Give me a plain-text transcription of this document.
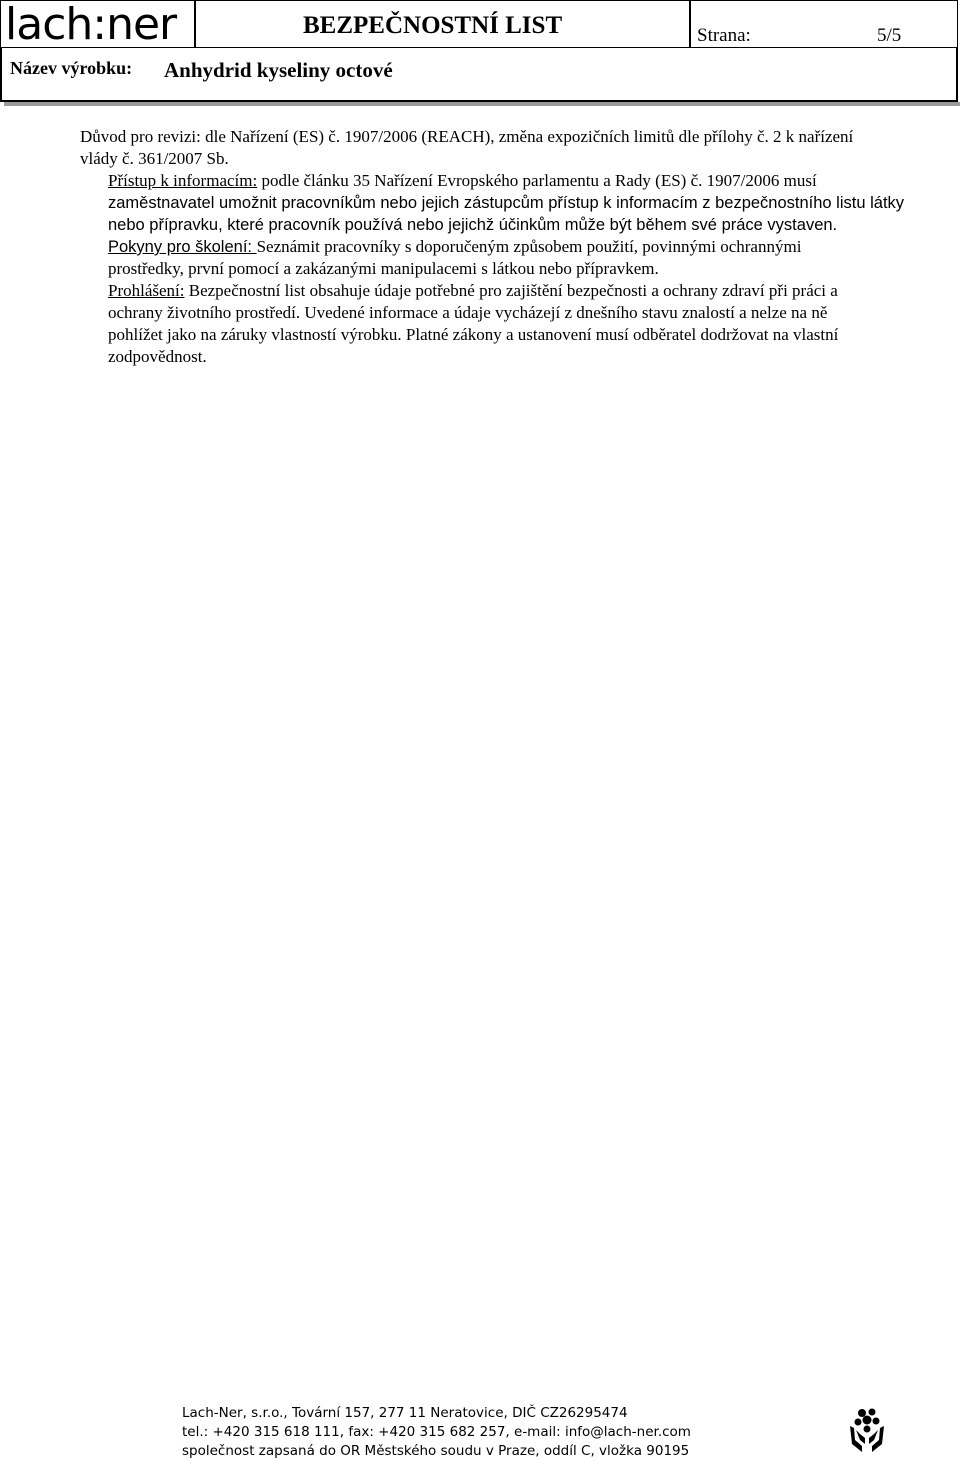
lach:ner	BEZPEČNOSTNÍ LIST	Strana:	5/5
Název výrobku: Anhydrid kyseliny octové

Důvod pro revizi: dle Nařízení (ES) č. 1907/2006 (REACH), změna expozičních limitů dle přílohy č. 2 k nařízení

vlády č. 361/2007 Sb.

Přístup k informacím: podle článku 35 Nařízení Evropského parlamentu a Rady (ES) č. 1907/2006 musí

zaměstnavatel umožnit pracovníkům nebo jejich zástupcům přístup k informacím z bezpečnostního listu látky

nebo přípravku, které pracovník používá nebo jejichž účinkům může být během své práce vystaven.

Pokyny pro školení: Seznámit pracovníky s doporučeným způsobem použití, povinnými ochrannými

prostředky, první pomocí a zakázanými manipulacemi s látkou nebo přípravkem.

Prohlášení: Bezpečnostní list obsahuje údaje potřebné pro zajištění bezpečnosti a ochrany zdraví při práci a

ochrany životního prostředí. Uvedené informace a údaje vycházejí z dnešního stavu znalostí a nelze na ně

pohlížet jako na záruky vlastností výrobku. Platné zákony a ustanovení musí odběratel dodržovat na vlastní

zodpovědnost.

Lach-Ner, s.r.o., Tovární 157, 277 11 Neratovice, DIČ CZ26295474
tel.: +420 315 618 111, fax: +420 315 682 257, e-mail: info@lach-ner.com
společnost zapsaná do OR Městského soudu v Praze, oddíl C, vložka 90195
